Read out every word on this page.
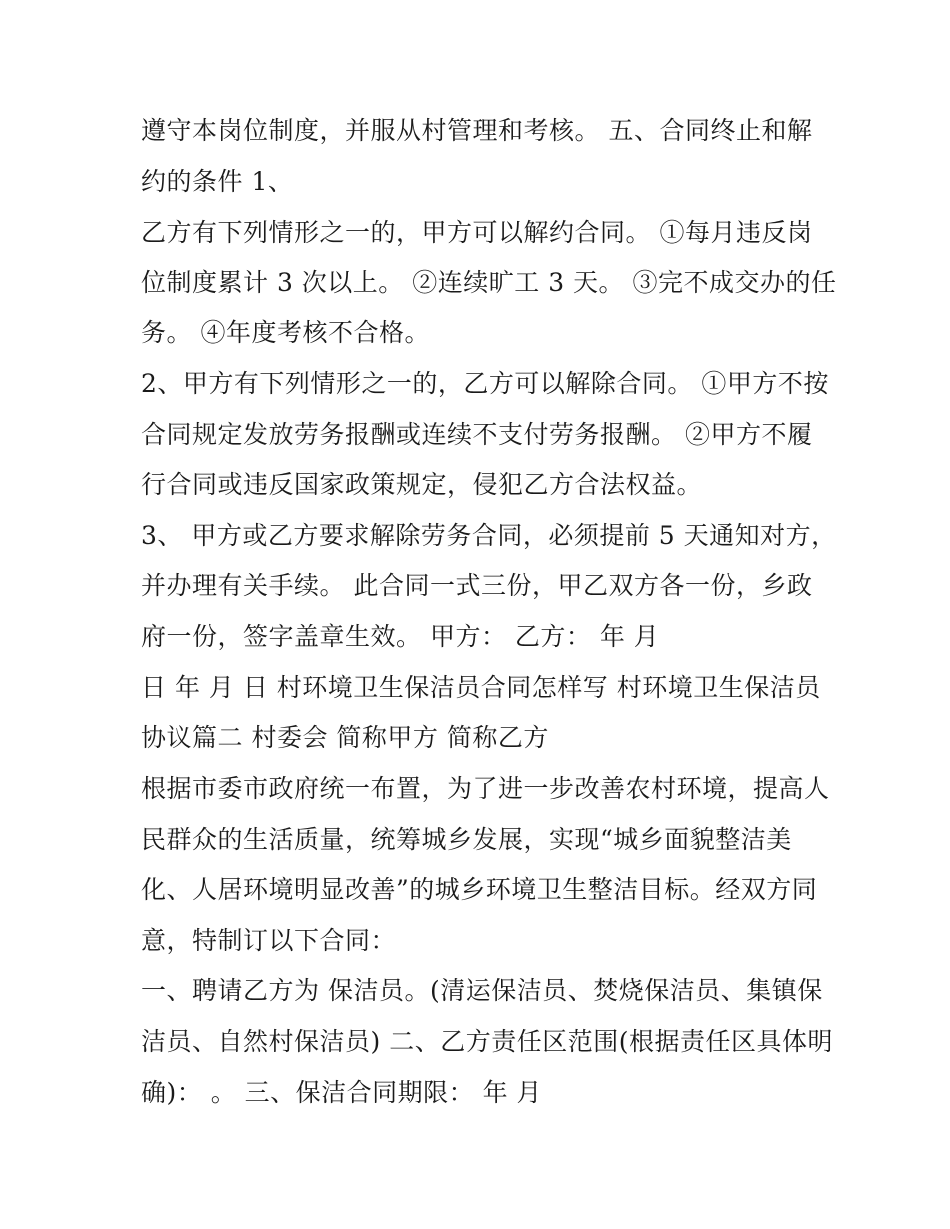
遵守本岗位制度，并服从村管理和考核。 五、合同终止和解
约的条件 1、
乙方有下列情形之一的，甲方可以解约合同。 ①每月违反岗
位制度累计 3 次以上。 ②连续旷工 3 天。 ③完不成交办的任
务。 ④年度考核不合格。
2、甲方有下列情形之一的，乙方可以解除合同。 ①甲方不按
合同规定发放劳务报酬或连续不支付劳务报酬。 ②甲方不履
行合同或违反国家政策规定，侵犯乙方合法权益。
3、 甲方或乙方要求解除劳务合同，必须提前 5 天通知对方，
并办理有关手续。 此合同一式三份，甲乙双方各一份，乡政
府一份，签字盖章生效。 甲方： 乙方： 年 月
日 年 月 日 村环境卫生保洁员合同怎样写 村环境卫生保洁员
协议篇二 村委会 简称甲方 简称乙方
根据市委市政府统一布置，为了进一步改善农村环境，提高人
民群众的生活质量，统筹城乡发展，实现“城乡面貌整洁美
化、人居环境明显改善”的城乡环境卫生整洁目标。经双方同
意，特制订以下合同：
一、聘请乙方为 保洁员。(清运保洁员、焚烧保洁员、集镇保
洁员、自然村保洁员) 二、乙方责任区范围(根据责任区具体明
确)： 。 三、保洁合同期限： 年 月
